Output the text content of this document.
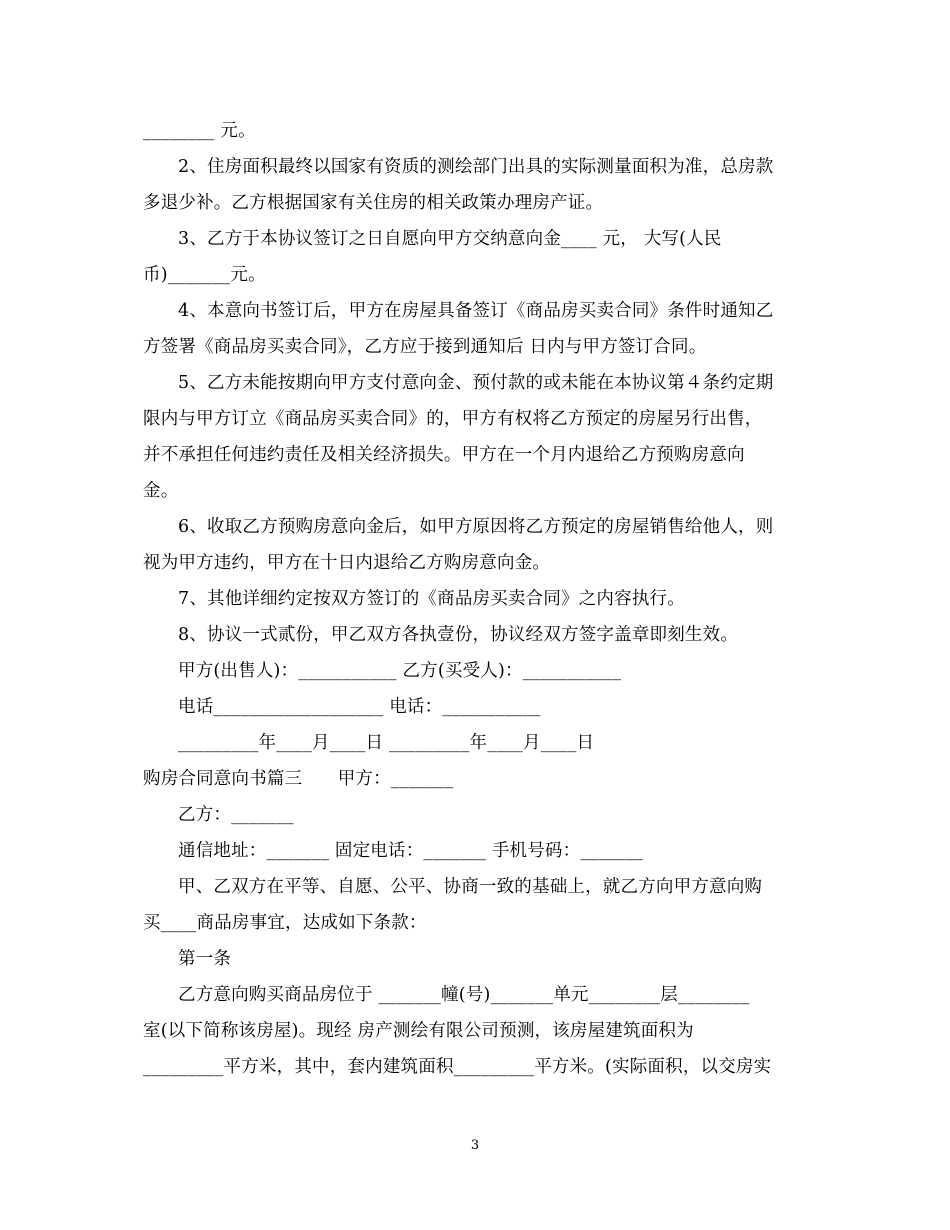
________ 元。
2、住房面积最终以国家有资质的测绘部门出具的实际测量面积为准，总房款
多退少补。乙方根据国家有关住房的相关政策办理房产证。
3、乙方于本协议签订之日自愿向甲方交纳意向金____ 元， 大写(人民
币)_______元。
4、本意向书签订后，甲方在房屋具备签订《商品房买卖合同》条件时通知乙
方签署《商品房买卖合同》，乙方应于接到通知后 日内与甲方签订合同。
5、乙方未能按期向甲方支付意向金、预付款的或未能在本协议第４条约定期
限内与甲方订立《商品房买卖合同》的，甲方有权将乙方预定的房屋另行出售，
并不承担任何违约责任及相关经济损失。甲方在一个月内退给乙方预购房意向
金。
6、收取乙方预购房意向金后，如甲方原因将乙方预定的房屋销售给他人，则
视为甲方违约，甲方在十日内退给乙方购房意向金。
7、其他详细约定按双方签订的《商品房买卖合同》之内容执行。
8、协议一式贰份，甲乙双方各执壹份，协议经双方签字盖章即刻生效。
甲方(出售人)：___________ 乙方(买受人)：___________
电话___________________ 电话：___________
_________年____月____日 _________年____月____日
购房合同意向书篇三　　甲方：_______
乙方：_______
通信地址：_______ 固定电话：_______ 手机号码：_______
甲、乙双方在平等、自愿、公平、协商一致的基础上，就乙方向甲方意向购
买____商品房事宜，达成如下条款：
第一条
乙方意向购买商品房位于 _______幢(号)_______单元________层________
室(以下简称该房屋)。现经 房产测绘有限公司预测，该房屋建筑面积为
_________平方米，其中，套内建筑面积_________平方米。(实际面积，以交房实
3
